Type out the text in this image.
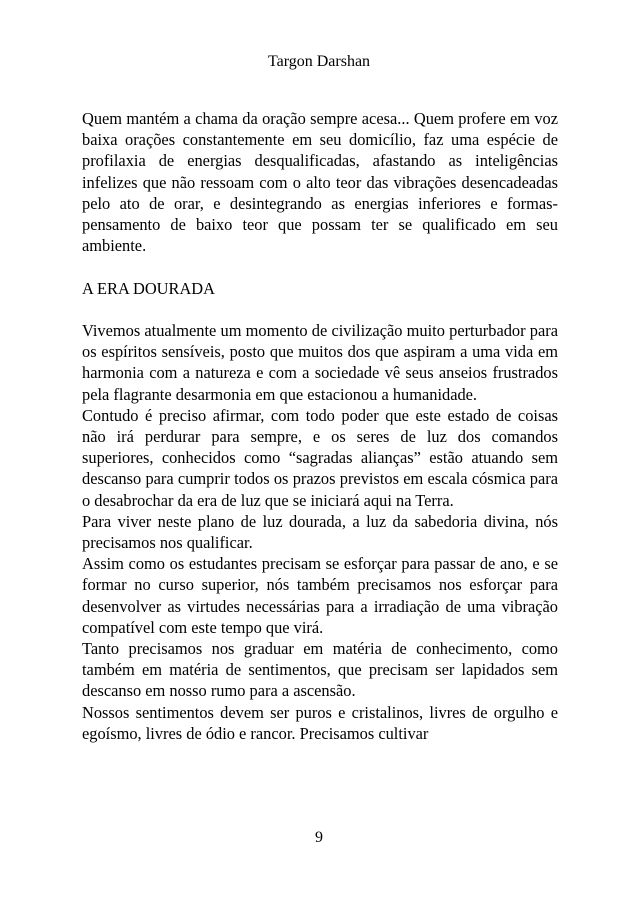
Targon Darshan

Quem mantém a chama da oração sempre acesa... Quem profere em voz baixa orações constantemente em seu domicílio, faz uma espécie de profilaxia de energias desqualificadas, afastando as inteligências infelizes que não ressoam com o alto teor das vibrações desencadeadas pelo ato de orar, e desintegrando as energias inferiores e formas-pensamento de baixo teor que possam ter se qualificado em seu ambiente.

A ERA DOURADA

Vivemos atualmente um momento de civilização muito perturbador para os espíritos sensíveis, posto que muitos dos que aspiram a uma vida em harmonia com a natureza e com a sociedade vê seus anseios frustrados pela flagrante desarmonia em que estacionou a humanidade.

Contudo é preciso afirmar, com todo poder que este estado de coisas não irá perdurar para sempre, e os seres de luz dos comandos superiores, conhecidos como “sagradas alianças” estão atuando sem descanso para cumprir todos os prazos previstos em escala cósmica para o desabrochar da era de luz que se iniciará aqui na Terra.

Para viver neste plano de luz dourada, a luz da sabedoria divina, nós precisamos nos qualificar.

Assim como os estudantes precisam se esforçar para passar de ano, e se formar no curso superior, nós também precisamos nos esforçar para desenvolver as virtudes necessárias para a irradiação de uma vibração compatível com este tempo que virá.

Tanto precisamos nos graduar em matéria de conhecimento, como também em matéria de sentimentos, que precisam ser lapidados sem descanso em nosso rumo para a ascensão.

Nossos sentimentos devem ser puros e cristalinos, livres de orgulho e egoísmo, livres de ódio e rancor. Precisamos cultivar

9
